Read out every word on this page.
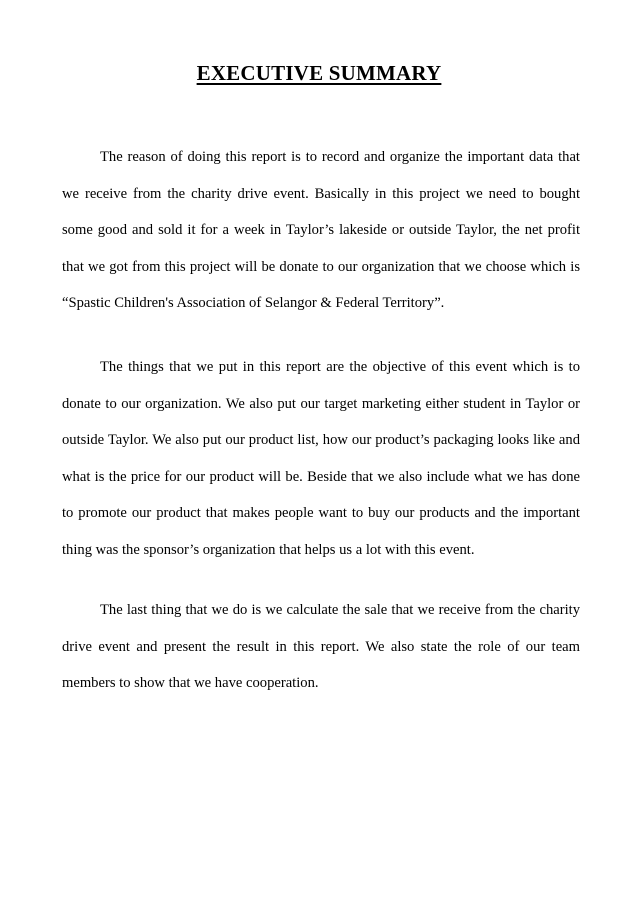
EXECUTIVE SUMMARY

The reason of doing this report is to record and organize the important data that we receive from the charity drive event. Basically in this project we need to bought some good and sold it for a week in Taylor’s lakeside or outside Taylor, the net profit that we got from this project will be donate to our organization that we choose which is “Spastic Children's Association of Selangor & Federal Territory”.

The things that we put in this report are the objective of this event which is to donate to our organization. We also put our target marketing either student in Taylor or outside Taylor. We also put our product list, how our product’s packaging looks like and what is the price for our product will be. Beside that we also include what we has done to promote our product that makes people want to buy our products and the important thing was the sponsor’s organization that helps us a lot with this event.

The last thing that we do is we calculate the sale that we receive from the charity drive event and present the result in this report. We also state the role of our team members to show that we have cooperation.
